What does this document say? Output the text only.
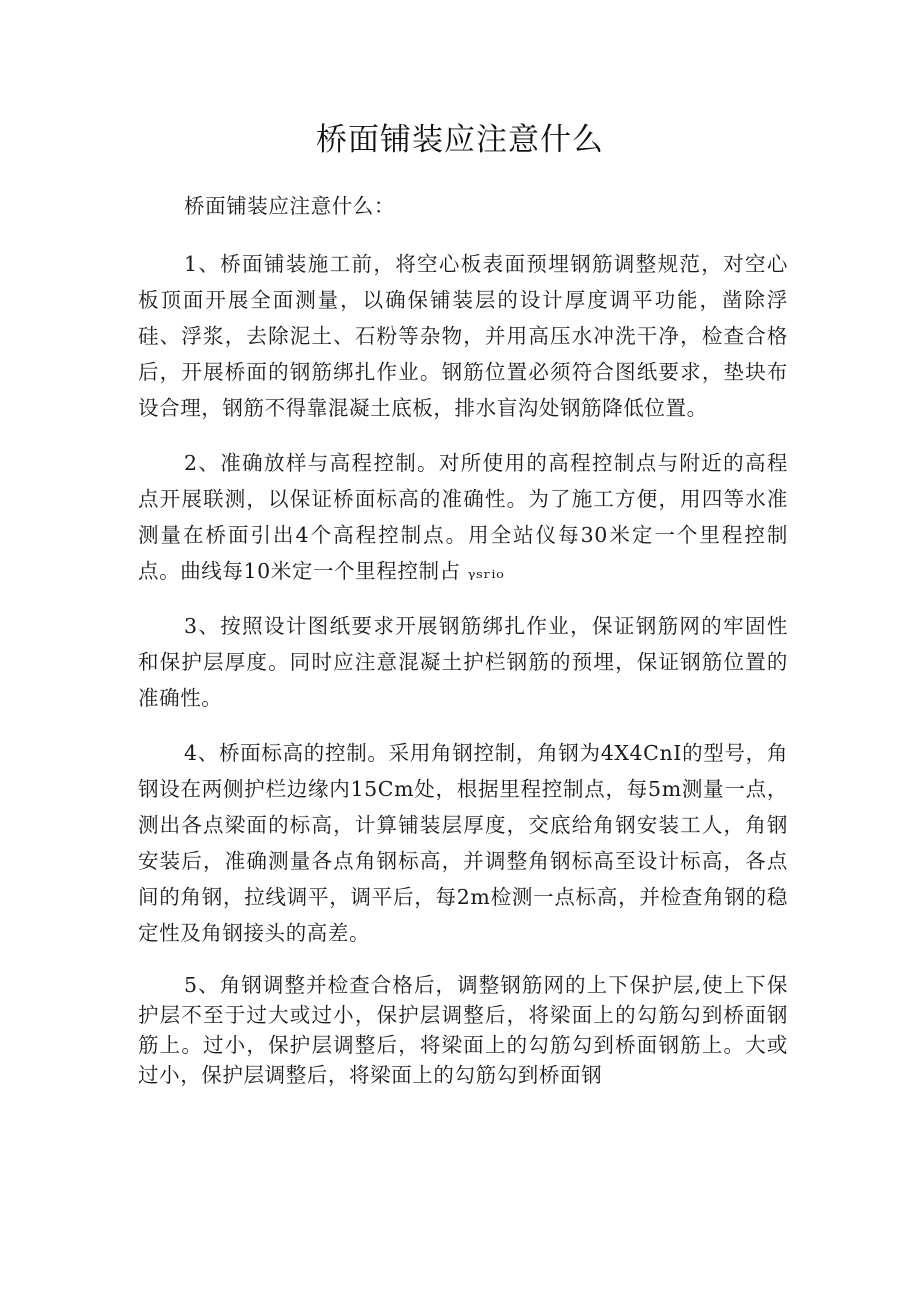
桥面铺装应注意什么

桥面铺装应注意什么：

1、桥面铺装施工前，将空心板表面预埋钢筋调整规范，对空心板顶面开展全面测量，以确保铺装层的设计厚度调平功能，凿除浮硅、浮浆，去除泥土、石粉等杂物，并用高压水冲洗干净，检查合格后，开展桥面的钢筋绑扎作业。钢筋位置必须符合图纸要求，垫块布设合理，钢筋不得靠混凝土底板，排水盲沟处钢筋降低位置。

2、准确放样与高程控制。对所使用的高程控制点与附近的高程点开展联测，以保证桥面标高的准确性。为了施工方便，用四等水准测量在桥面引出4个高程控制点。用全站仪每30米定一个里程控制点。曲线每10米定一个里程控制占 ᵧₛᵣᵢₒ

3、按照设计图纸要求开展钢筋绑扎作业，保证钢筋网的牢固性和保护层厚度。同时应注意混凝土护栏钢筋的预埋，保证钢筋位置的准确性。

4、桥面标高的控制。采用角钢控制，角钢为4X4CnI的型号，角钢设在两侧护栏边缘内15Cm处，根据里程控制点，每5m测量一点，测出各点梁面的标高，计算铺装层厚度，交底给角钢安装工人，角钢安装后，准确测量各点角钢标高，并调整角钢标高至设计标高，各点间的角钢，拉线调平，调平后，每2m检测一点标高，并检查角钢的稳定性及角钢接头的高差。

5、角钢调整并检查合格后，调整钢筋网的上下保护层,使上下保护层不至于过大或过小，保护层调整后，将梁面上的勾筋勾到桥面钢筋上。过小，保护层调整后，将梁面上的勾筋勾到桥面钢筋上。大或过小，保护层调整后，将梁面上的勾筋勾到桥面钢
